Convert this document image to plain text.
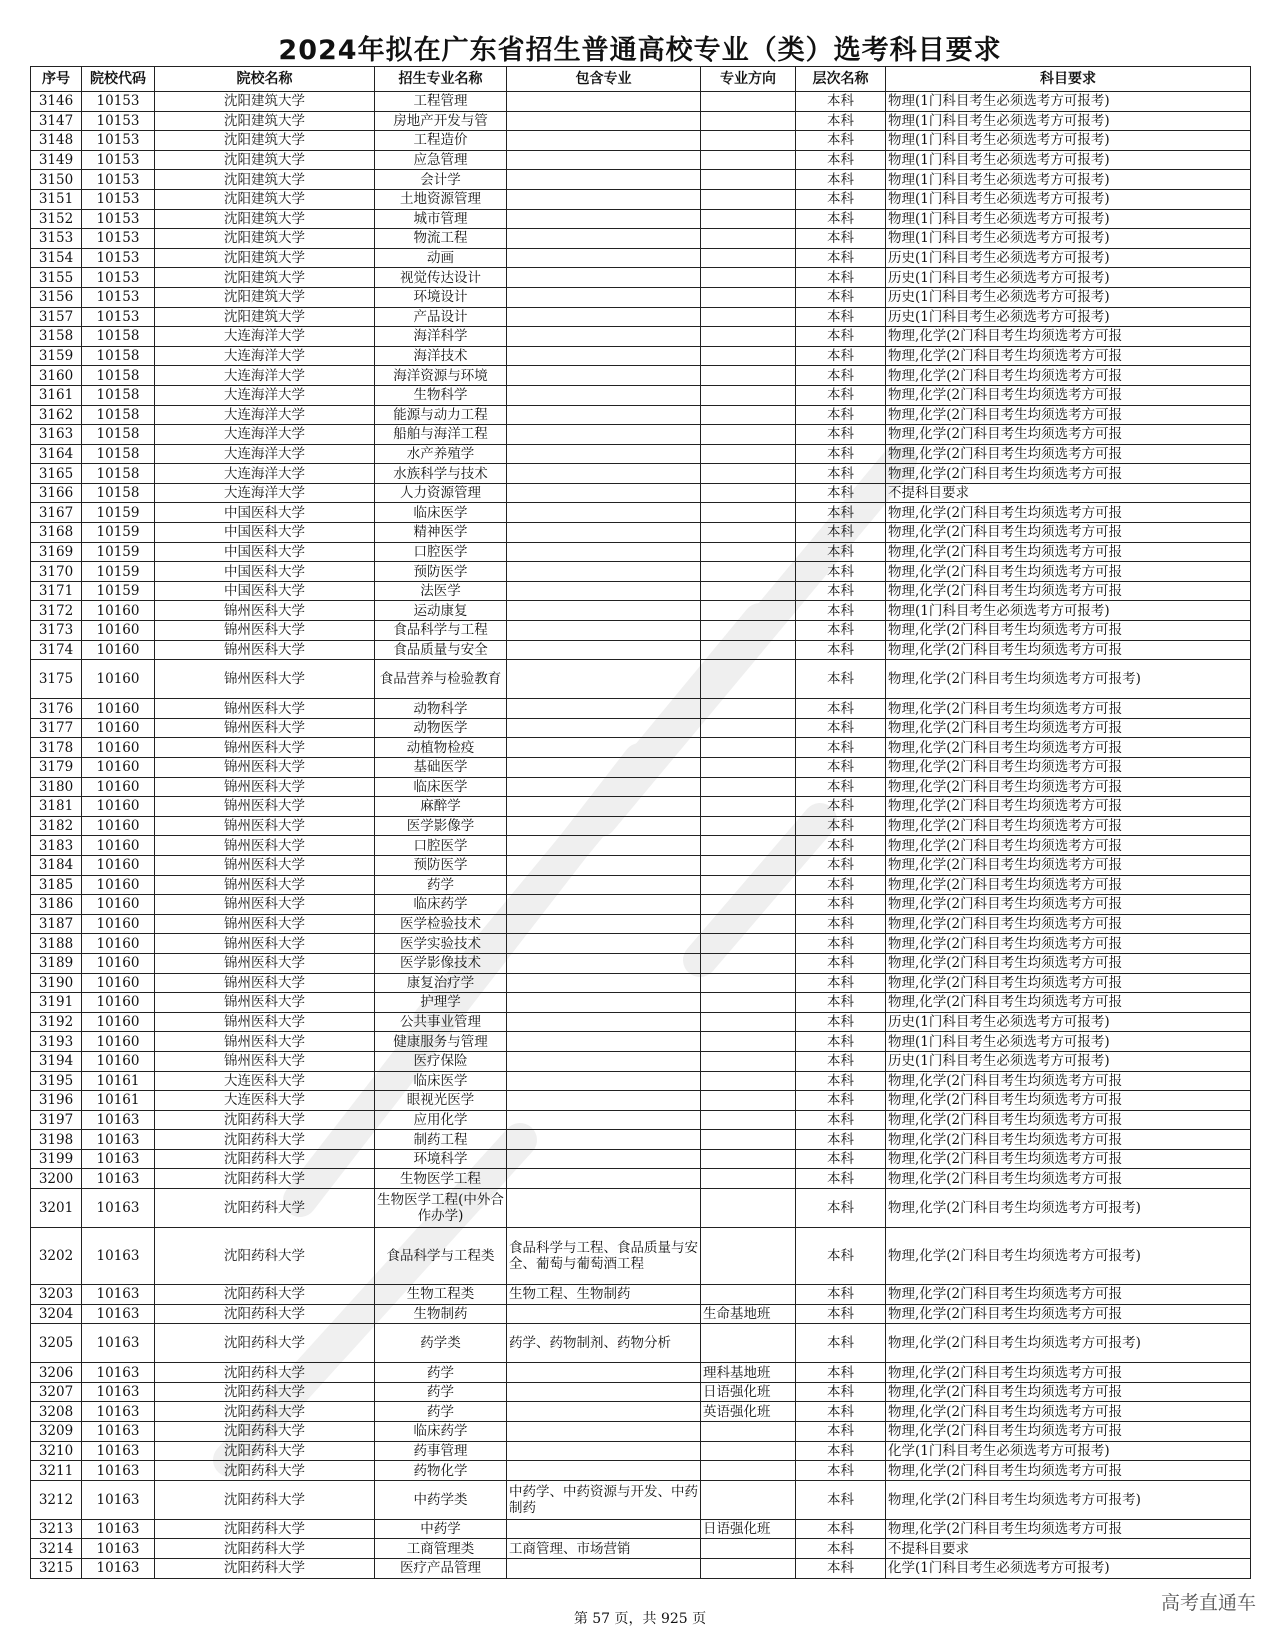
2024年拟在广东省招生普通高校专业（类）选考科目要求
序号	院校代码	院校名称	招生专业名称	包含专业	专业方向	层次名称	科目要求
3146	10153	沈阳建筑大学	工程管理			本科	物理(1门科目考生必须选考方可报考)
3147	10153	沈阳建筑大学	房地产开发与管			本科	物理(1门科目考生必须选考方可报考)
3148	10153	沈阳建筑大学	工程造价			本科	物理(1门科目考生必须选考方可报考)
3149	10153	沈阳建筑大学	应急管理			本科	物理(1门科目考生必须选考方可报考)
3150	10153	沈阳建筑大学	会计学			本科	物理(1门科目考生必须选考方可报考)
3151	10153	沈阳建筑大学	土地资源管理			本科	物理(1门科目考生必须选考方可报考)
3152	10153	沈阳建筑大学	城市管理			本科	物理(1门科目考生必须选考方可报考)
3153	10153	沈阳建筑大学	物流工程			本科	物理(1门科目考生必须选考方可报考)
3154	10153	沈阳建筑大学	动画			本科	历史(1门科目考生必须选考方可报考)
3155	10153	沈阳建筑大学	视觉传达设计			本科	历史(1门科目考生必须选考方可报考)
3156	10153	沈阳建筑大学	环境设计			本科	历史(1门科目考生必须选考方可报考)
3157	10153	沈阳建筑大学	产品设计			本科	历史(1门科目考生必须选考方可报考)
3158	10158	大连海洋大学	海洋科学			本科	物理,化学(2门科目考生均须选考方可报
3159	10158	大连海洋大学	海洋技术			本科	物理,化学(2门科目考生均须选考方可报
3160	10158	大连海洋大学	海洋资源与环境			本科	物理,化学(2门科目考生均须选考方可报
3161	10158	大连海洋大学	生物科学			本科	物理,化学(2门科目考生均须选考方可报
3162	10158	大连海洋大学	能源与动力工程			本科	物理,化学(2门科目考生均须选考方可报
3163	10158	大连海洋大学	船舶与海洋工程			本科	物理,化学(2门科目考生均须选考方可报
3164	10158	大连海洋大学	水产养殖学			本科	物理,化学(2门科目考生均须选考方可报
3165	10158	大连海洋大学	水族科学与技术			本科	物理,化学(2门科目考生均须选考方可报
3166	10158	大连海洋大学	人力资源管理			本科	不提科目要求
3167	10159	中国医科大学	临床医学			本科	物理,化学(2门科目考生均须选考方可报
3168	10159	中国医科大学	精神医学			本科	物理,化学(2门科目考生均须选考方可报
3169	10159	中国医科大学	口腔医学			本科	物理,化学(2门科目考生均须选考方可报
3170	10159	中国医科大学	预防医学			本科	物理,化学(2门科目考生均须选考方可报
3171	10159	中国医科大学	法医学			本科	物理,化学(2门科目考生均须选考方可报
3172	10160	锦州医科大学	运动康复			本科	物理(1门科目考生必须选考方可报考)
3173	10160	锦州医科大学	食品科学与工程			本科	物理,化学(2门科目考生均须选考方可报
3174	10160	锦州医科大学	食品质量与安全			本科	物理,化学(2门科目考生均须选考方可报
3175	10160	锦州医科大学	食品营养与检验教育			本科	物理,化学(2门科目考生均须选考方可报考)
3176	10160	锦州医科大学	动物科学			本科	物理,化学(2门科目考生均须选考方可报
3177	10160	锦州医科大学	动物医学			本科	物理,化学(2门科目考生均须选考方可报
3178	10160	锦州医科大学	动植物检疫			本科	物理,化学(2门科目考生均须选考方可报
3179	10160	锦州医科大学	基础医学			本科	物理,化学(2门科目考生均须选考方可报
3180	10160	锦州医科大学	临床医学			本科	物理,化学(2门科目考生均须选考方可报
3181	10160	锦州医科大学	麻醉学			本科	物理,化学(2门科目考生均须选考方可报
3182	10160	锦州医科大学	医学影像学			本科	物理,化学(2门科目考生均须选考方可报
3183	10160	锦州医科大学	口腔医学			本科	物理,化学(2门科目考生均须选考方可报
3184	10160	锦州医科大学	预防医学			本科	物理,化学(2门科目考生均须选考方可报
3185	10160	锦州医科大学	药学			本科	物理,化学(2门科目考生均须选考方可报
3186	10160	锦州医科大学	临床药学			本科	物理,化学(2门科目考生均须选考方可报
3187	10160	锦州医科大学	医学检验技术			本科	物理,化学(2门科目考生均须选考方可报
3188	10160	锦州医科大学	医学实验技术			本科	物理,化学(2门科目考生均须选考方可报
3189	10160	锦州医科大学	医学影像技术			本科	物理,化学(2门科目考生均须选考方可报
3190	10160	锦州医科大学	康复治疗学			本科	物理,化学(2门科目考生均须选考方可报
3191	10160	锦州医科大学	护理学			本科	物理,化学(2门科目考生均须选考方可报
3192	10160	锦州医科大学	公共事业管理			本科	历史(1门科目考生必须选考方可报考)
3193	10160	锦州医科大学	健康服务与管理			本科	物理(1门科目考生必须选考方可报考)
3194	10160	锦州医科大学	医疗保险			本科	历史(1门科目考生必须选考方可报考)
3195	10161	大连医科大学	临床医学			本科	物理,化学(2门科目考生均须选考方可报
3196	10161	大连医科大学	眼视光医学			本科	物理,化学(2门科目考生均须选考方可报
3197	10163	沈阳药科大学	应用化学			本科	物理,化学(2门科目考生均须选考方可报
3198	10163	沈阳药科大学	制药工程			本科	物理,化学(2门科目考生均须选考方可报
3199	10163	沈阳药科大学	环境科学			本科	物理,化学(2门科目考生均须选考方可报
3200	10163	沈阳药科大学	生物医学工程			本科	物理,化学(2门科目考生均须选考方可报
3201	10163	沈阳药科大学	生物医学工程(中外合作办学)			本科	物理,化学(2门科目考生均须选考方可报考)
3202	10163	沈阳药科大学	食品科学与工程类	食品科学与工程、食品质量与安全、葡萄与葡萄酒工程		本科	物理,化学(2门科目考生均须选考方可报考)
3203	10163	沈阳药科大学	生物工程类	生物工程、生物制药		本科	物理,化学(2门科目考生均须选考方可报
3204	10163	沈阳药科大学	生物制药		生命基地班	本科	物理,化学(2门科目考生均须选考方可报
3205	10163	沈阳药科大学	药学类	药学、药物制剂、药物分析		本科	物理,化学(2门科目考生均须选考方可报考)
3206	10163	沈阳药科大学	药学		理科基地班	本科	物理,化学(2门科目考生均须选考方可报
3207	10163	沈阳药科大学	药学		日语强化班	本科	物理,化学(2门科目考生均须选考方可报
3208	10163	沈阳药科大学	药学		英语强化班	本科	物理,化学(2门科目考生均须选考方可报
3209	10163	沈阳药科大学	临床药学			本科	物理,化学(2门科目考生均须选考方可报
3210	10163	沈阳药科大学	药事管理			本科	化学(1门科目考生必须选考方可报考)
3211	10163	沈阳药科大学	药物化学			本科	物理,化学(2门科目考生均须选考方可报
3212	10163	沈阳药科大学	中药学类	中药学、中药资源与开发、中药制药		本科	物理,化学(2门科目考生均须选考方可报考)
3213	10163	沈阳药科大学	中药学		日语强化班	本科	物理,化学(2门科目考生均须选考方可报
3214	10163	沈阳药科大学	工商管理类	工商管理、市场营销		本科	不提科目要求
3215	10163	沈阳药科大学	医疗产品管理			本科	化学(1门科目考生必须选考方可报考)
第 57 页，共 925 页
高考直通车
